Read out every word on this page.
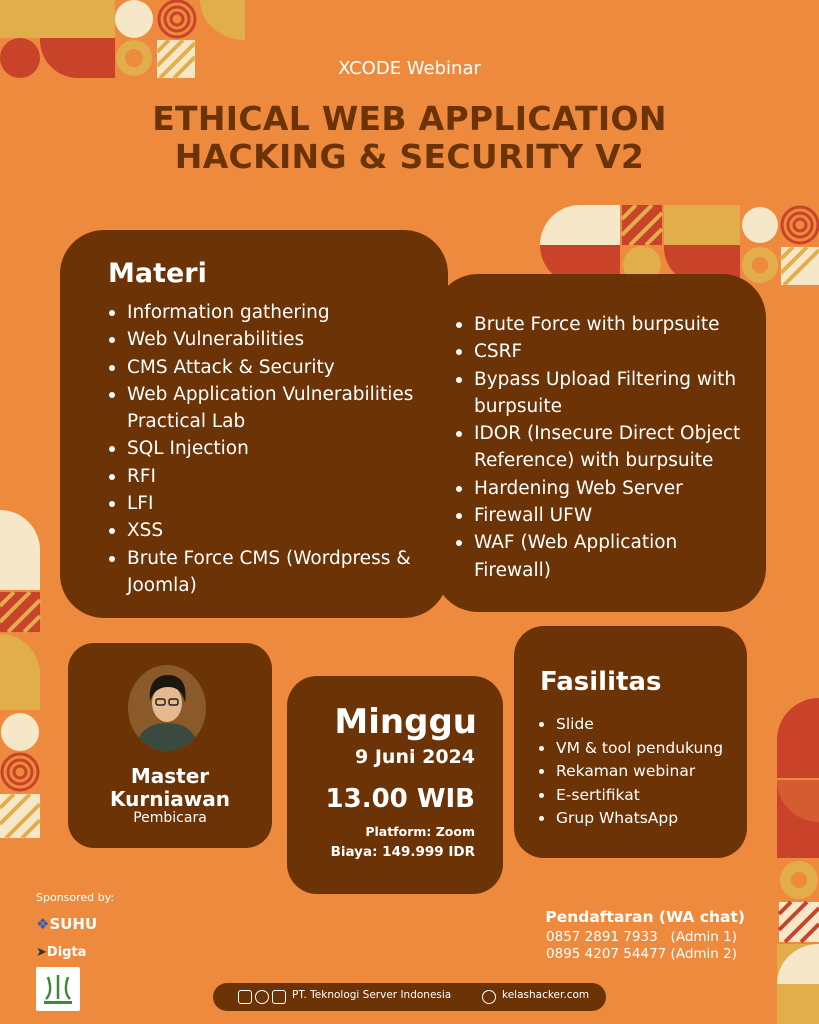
XCODE Webinar
ETHICAL WEB APPLICATION
HACKING & SECURITY V2
Materi
Information gathering
Web Vulnerabilities
CMS Attack & Security
Web Application Vulnerabilities Practical Lab
SQL Injection
RFI
LFI
XSS
Brute Force CMS (Wordpress & Joomla)
Brute Force with burpsuite
CSRF
Bypass Upload Filtering with burpsuite
IDOR (Insecure Direct Object Reference) with burpsuite
Hardening Web Server
Firewall UFW
WAF (Web Application Firewall)
Master
Kurniawan
Pembicara
Minggu
9 Juni 2024
13.00 WIB
Platform: Zoom
Biaya: 149.999 IDR
Fasilitas
Slide
VM & tool pendukung
Rekaman webinar
E-sertifikat
Grup WhatsApp
Sponsored by:
❖SUHU
➤Digta
Pendaftaran (WA chat)
0857 2891 7933   (Admin 1)
0895 4207 54477 (Admin 2)
PT. Teknologi Server Indonesia	kelashacker.com
